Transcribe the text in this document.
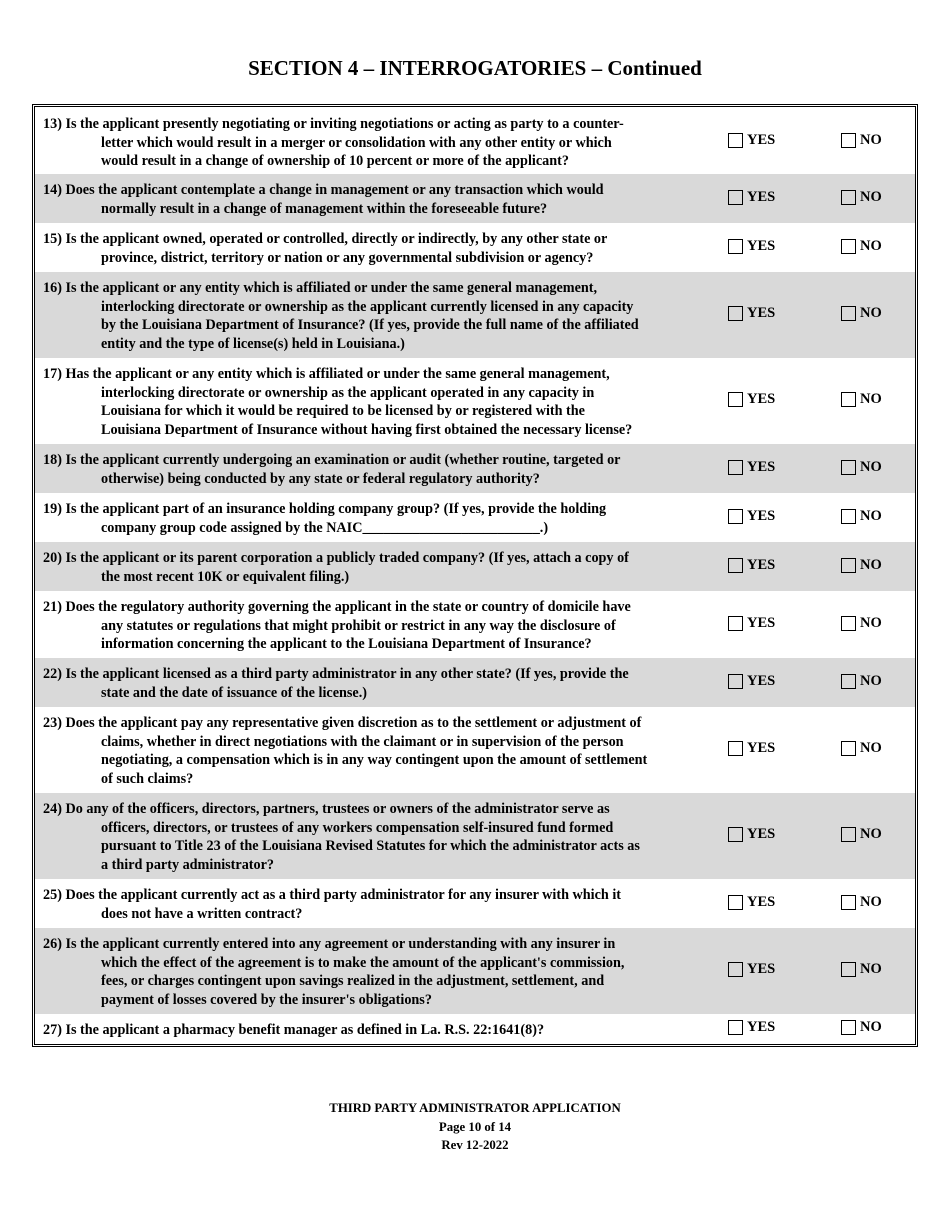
SECTION 4 – INTERROGATORIES – Continued
13) Is the applicant presently negotiating or inviting negotiations or acting as party to a counter-
letter which would result in a merger or consolidation with any other entity or which
would result in a change of ownership of 10 percent or more of the applicant?
YES	NO
14) Does the applicant contemplate a change in management or any transaction which would
normally result in a change of management within the foreseeable future?
YES	NO
15) Is the applicant owned, operated or controlled, directly or indirectly, by any other state or
province, district, territory or nation or any governmental subdivision or agency?
YES	NO
16) Is the applicant or any entity which is affiliated or under the same general management,
interlocking directorate or ownership as the applicant currently licensed in any capacity
by the Louisiana Department of Insurance? (If yes, provide the full name of the affiliated
entity and the type of license(s) held in Louisiana.)
YES	NO
17) Has the applicant or any entity which is affiliated or under the same general management,
interlocking directorate or ownership as the applicant operated in any capacity in
Louisiana for which it would be required to be licensed by or registered with the
Louisiana Department of Insurance without having first obtained the necessary license?
YES	NO
18) Is the applicant currently undergoing an examination or audit (whether routine, targeted or
otherwise) being conducted by any state or federal regulatory authority?
YES	NO
19) Is the applicant part of an insurance holding company group? (If yes, provide the holding
company group code assigned by the NAIC_________________________.)
YES	NO
20) Is the applicant or its parent corporation a publicly traded company? (If yes, attach a copy of
the most recent 10K or equivalent filing.)
YES	NO
21) Does the regulatory authority governing the applicant in the state or country of domicile have
any statutes or regulations that might prohibit or restrict in any way the disclosure of
information concerning the applicant to the Louisiana Department of Insurance?
YES	NO
22) Is the applicant licensed as a third party administrator in any other state? (If yes, provide the
state and the date of issuance of the license.)
YES	NO
23) Does the applicant pay any representative given discretion as to the settlement or adjustment of
claims, whether in direct negotiations with the claimant or in supervision of the person
negotiating, a compensation which is in any way contingent upon the amount of settlement
of such claims?
YES	NO
24) Do any of the officers, directors, partners, trustees or owners of the administrator serve as
officers, directors, or trustees of any workers compensation self-insured fund formed
pursuant to Title 23 of the Louisiana Revised Statutes for which the administrator acts as
a third party administrator?
YES	NO
25) Does the applicant currently act as a third party administrator for any insurer with which it
does not have a written contract?
YES	NO
26) Is the applicant currently entered into any agreement or understanding with any insurer in
which the effect of the agreement is to make the amount of the applicant's commission,
fees, or charges contingent upon savings realized in the adjustment, settlement, and
payment of losses covered by the insurer's obligations?
YES	NO
27) Is the applicant a pharmacy benefit manager as defined in La. R.S. 22:1641(8)?	YES	NO
THIRD PARTY ADMINISTRATOR APPLICATION
Page 10 of 14
Rev 12-2022
